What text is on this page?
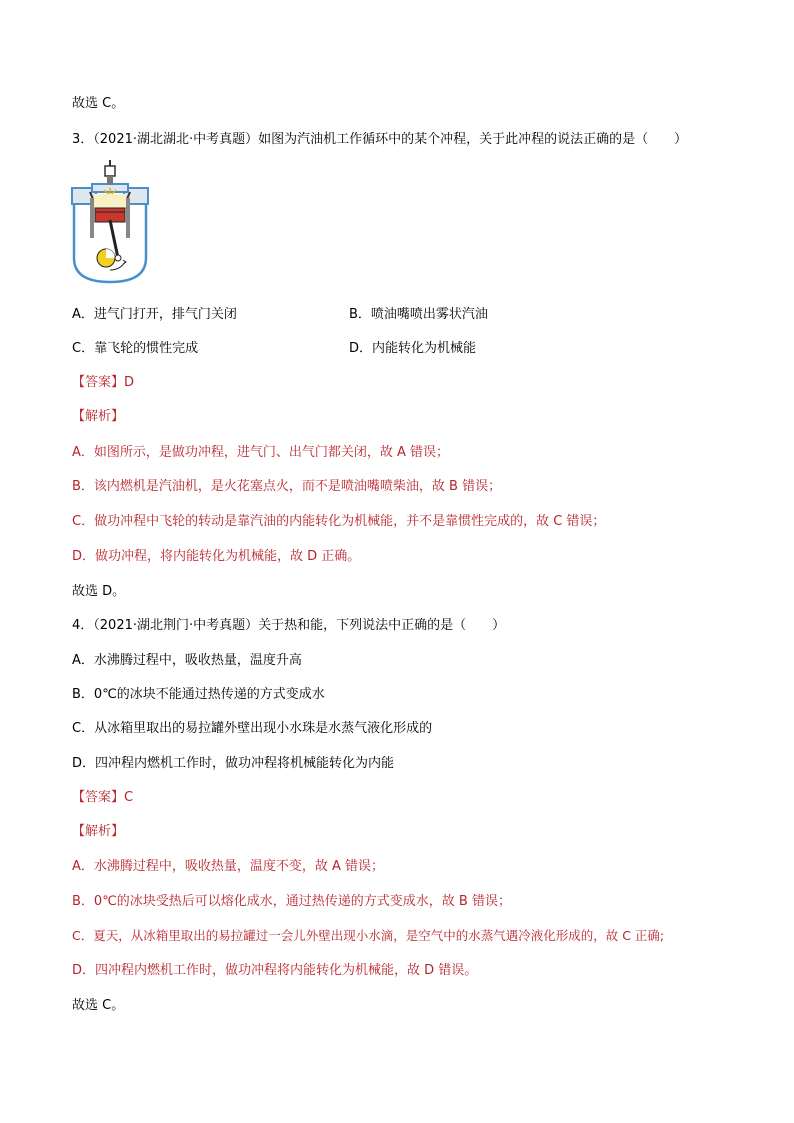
故选 C。
3．（2021·湖北湖北·中考真题）如图为汽油机工作循环中的某个冲程，关于此冲程的说法正确的是（　　）
A．进气门打开，排气门关闭	B．喷油嘴喷出雾状汽油
C．靠飞轮的惯性完成	D．内能转化为机械能
【答案】D
【解析】
A．如图所示，是做功冲程，进气门、出气门都关闭，故 A 错误；
B．该内燃机是汽油机，是火花塞点火，而不是喷油嘴喷柴油，故 B 错误；
C．做功冲程中飞轮的转动是靠汽油的内能转化为机械能，并不是靠惯性完成的，故 C 错误；
D．做功冲程，将内能转化为机械能，故 D 正确。
故选 D。
4．（2021·湖北荆门·中考真题）关于热和能，下列说法中正确的是（　　）
A．水沸腾过程中，吸收热量，温度升高
B．0℃的冰块不能通过热传递的方式变成水
C．从冰箱里取出的易拉罐外壁出现小水珠是水蒸气液化形成的
D．四冲程内燃机工作时，做功冲程将机械能转化为内能
【答案】C
【解析】
A．水沸腾过程中，吸收热量，温度不变，故 A 错误；
B．0℃的冰块受热后可以熔化成水，通过热传递的方式变成水，故 B 错误；
C．夏天，从冰箱里取出的易拉罐过一会儿外壁出现小水滴，是空气中的水蒸气遇冷液化形成的，故 C 正确;
D．四冲程内燃机工作时，做功冲程将内能转化为机械能，故 D 错误。
故选 C。
